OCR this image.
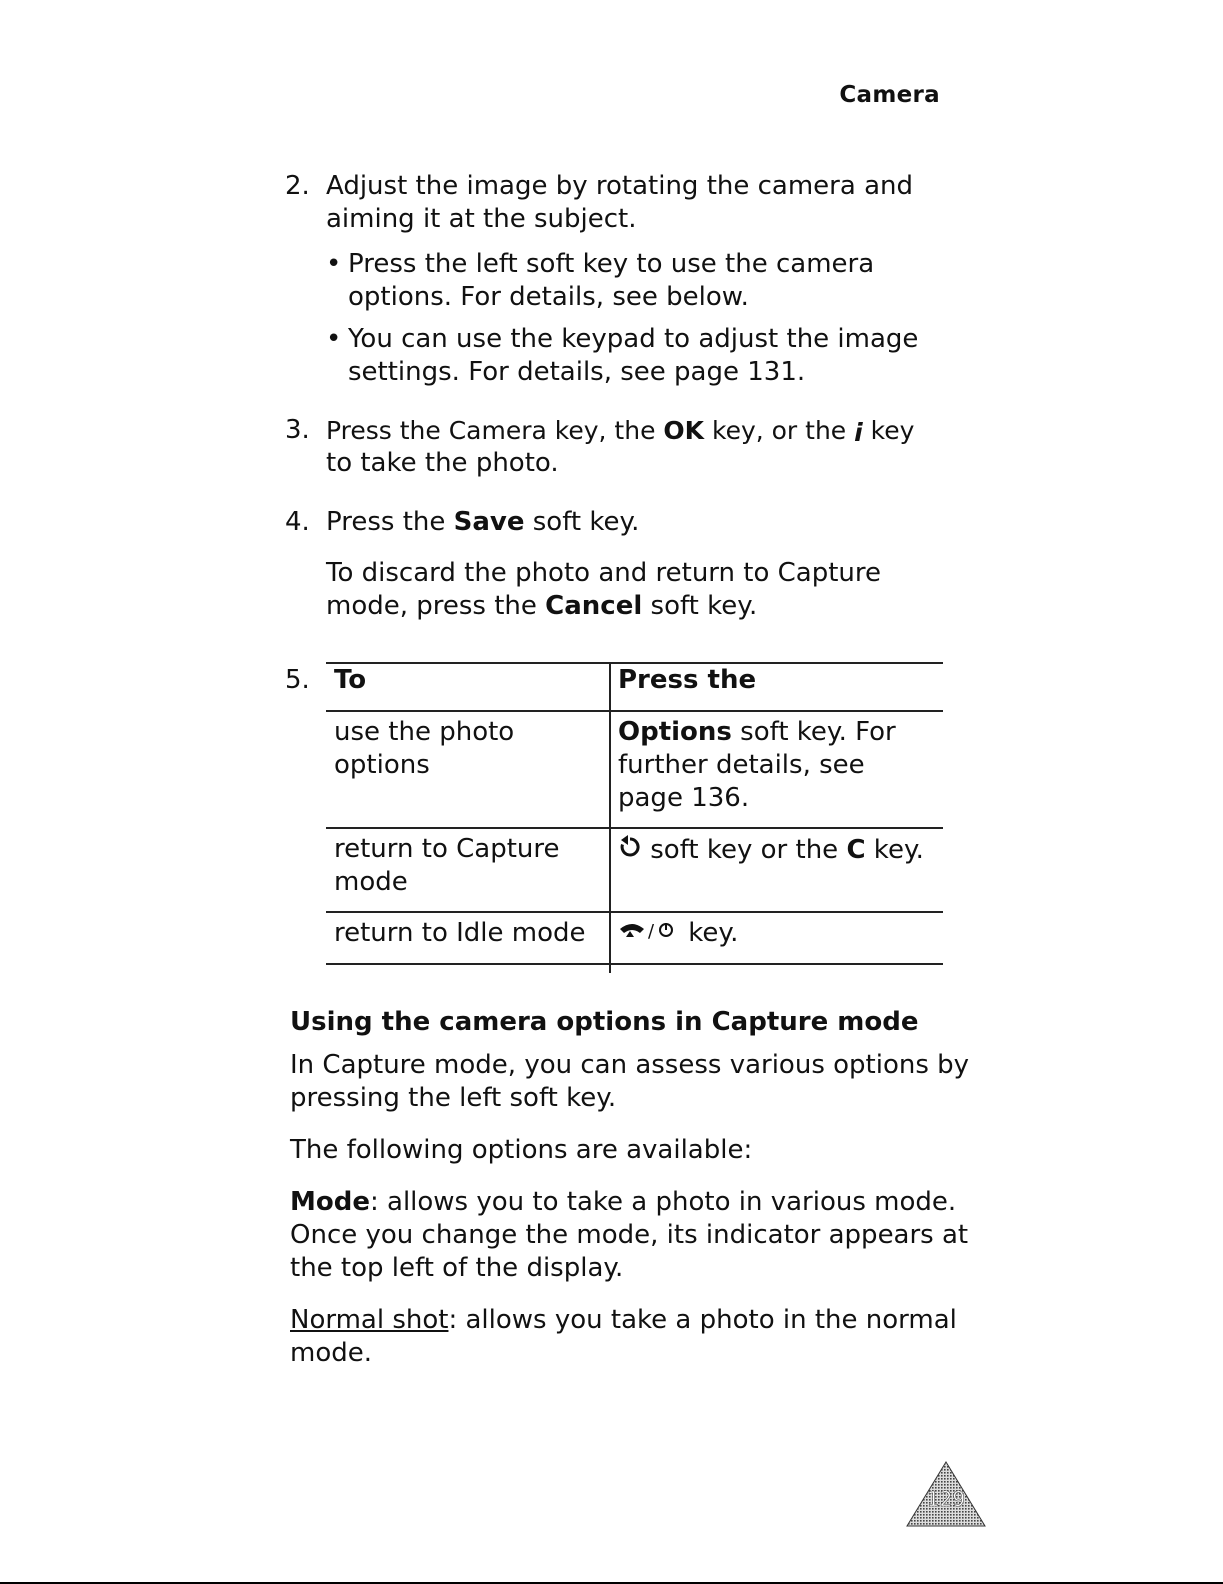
Camera
2. Adjust the image by rotating the camera and
aiming it at the subject.
• Press the left soft key to use the camera
options. For details, see below.
• You can use the keypad to adjust the image
settings. For details, see page 131.
3. Press the Camera key, the OK key, or the i key
to take the photo.
4. Press the Save soft key.
To discard the photo and return to Capture
mode, press the Cancel soft key.
5. To	Press the
use the photo
options
Options soft key. For
further details, see
page 136.
return to Capture
mode
soft key or the C key.
return to Idle mode	/ key.
Using the camera options in Capture mode
In Capture mode, you can assess various options by
pressing the left soft key.
The following options are available:
Mode: allows you to take a photo in various mode.
Once you change the mode, its indicator appears at
the top left of the display.
Normal shot: allows you take a photo in the normal
mode.
129
